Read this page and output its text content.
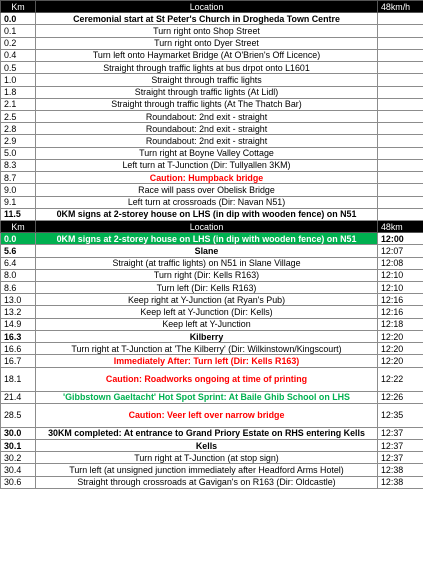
Km	Location	48km/h
0.0	Ceremonial start at St Peter's Church in Drogheda Town Centre	
0.1	Turn right onto Shop Street	
0.2	Turn right onto Dyer Street	
0.4	Turn left onto Haymarket Bridge (At O'Brien's Off Licence)	
0.5	Straight through traffic lights at bus drpot onto L1601	
1.0	Straight through traffic lights	
1.8	Straight through traffic lights (At Lidl)	
2.1	Straight through traffic lights (At The Thatch Bar)	
2.5	Roundabout: 2nd exit - straight	
2.8	Roundabout: 2nd exit - straight	
2.9	Roundabout: 2nd exit - straight	
5.0	Turn right at Boyne Valley Cottage	
8.3	Left turn at T-Junction (Dir: Tullyallen 3KM)	
8.7	Caution: Humpback bridge	
9.0	Race will pass over Obelisk Bridge	
9.1	Left turn at crossroads (Dir: Navan N51)	
11.5	0KM signs at 2-storey house on LHS (in dip with wooden fence) on N51	
Km	Location	48km
0.0	0KM signs at 2-storey house on LHS (in dip with wooden fence) on N51	12:00
5.6	Slane	12:07
6.4	Straight (at traffic lights) on N51 in Slane Village	12:08
8.0	Turn right (Dir: Kells R163)	12:10
8.6	Turn left (Dir: Kells R163)	12:10
13.0	Keep right at Y-Junction (at Ryan's Pub)	12:16
13.2	Keep left at Y-Junction (Dir: Kells)	12:16
14.9	Keep left at Y-Junction	12:18
16.3	Kilberry	12:20
16.6	Turn right at T-Junction at 'The Kilberry' (Dir: Wilkinstown/Kingscourt)	12:20
16.7	Immediately After: Turn left (Dir: Kells R163)	12:20
18.1	Caution: Roadworks ongoing at time of printing	12:22
21.4	'Gibbstown Gaeltacht' Hot Spot Sprint: At Baile Ghib School on LHS	12:26
28.5	Caution: Veer left over narrow bridge	12:35
30.0	30KM completed: At entrance to Grand Priory Estate on RHS entering Kells	12:37
30.1	Kells	12:37
30.2	Turn right at T-Junction (at stop sign)	12:37
30.4	Turn left (at unsigned junction immediately after Headford Arms Hotel)	12:38
30.6	Straight through crossroads at Gavigan's on R163 (Dir: Oldcastle)	12:38
